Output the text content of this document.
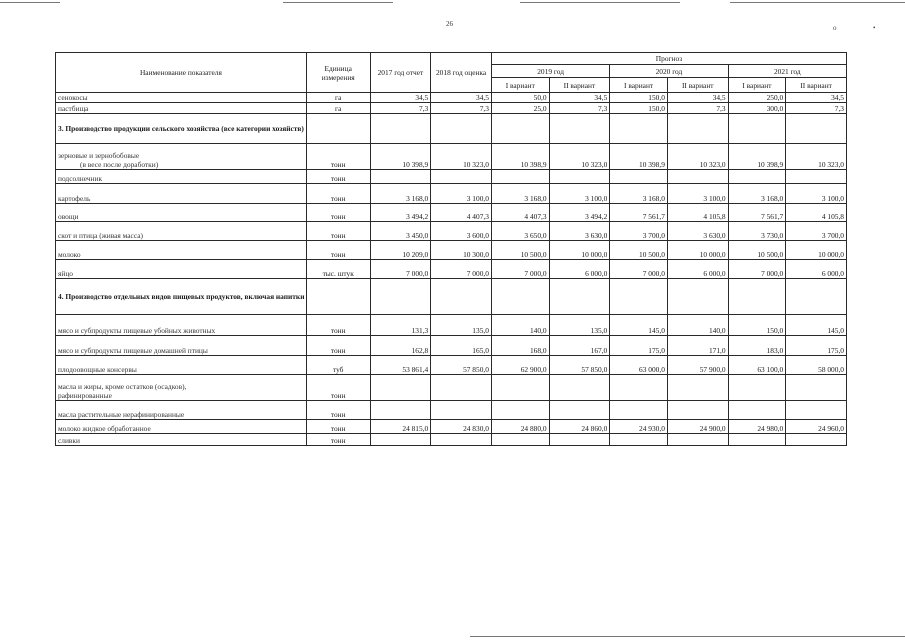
26	o	•
Наименование показателя	Единица измерения	2017 год отчет	2018 год оценка	Прогноз					
				2019 год		2020 год		2021 год	
				I вариант	II вариант	I вариант	II вариант	I вариант	II вариант

сенокосы	га	34,5	34,5	50,0	34,5	150,0	34,5	250,0	34,5

пастбища	га	7,3	7,3	25,0	7,3	150,0	7,3	300,0	7,3
3. Производство продукции сельского хозяйства (все категории хозяйств)									

зерновые и зернобобовые
(в весе после доработки)	тонн	10 398,9	10 323,0	10 398,9	10 323,0	10 398,9	10 323,0	10 398,9	10 323,0

подсолнечник	тонн								

картофель	тонн	3 168,0	3 100,0	3 168,0	3 100,0	3 168,0	3 100,0	3 168,0	3 100,0

овощи	тонн	3 494,2	4 407,3	4 407,3	3 494,2	7 561,7	4 105,8	7 561,7	4 105,8

скот и птица (живая масса)	тонн	3 450,0	3 600,0	3 650,0	3 630,0	3 700,0	3 630,0	3 730,0	3 700,0

молоко	тонн	10 209,0	10 300,0	10 500,0	10 000,0	10 500,0	10 000,0	10 500,0	10 000,0

яйцо	тыс. штук	7 000,0	7 000,0	7 000,0	6 000,0	7 000,0	6 000,0	7 000,0	6 000,0
4. Производство отдельных видов пищевых продуктов, включая напитки									

мясо и субпродукты пищевые убойных животных	тонн	131,3	135,0	140,0	135,0	145,0	140,0	150,0	145,0

мясо и субпродукты пищевые домашней птицы	тонн	162,8	165,0	168,0	167,0	175,0	171,0	183,0	175,0

плодоовощные консервы	туб	53 861,4	57 850,0	62 900,0	57 850,0	63 000,0	57 900,0	63 100,0	58 000,0

масла и жиры, кроме остатков (осадков),
рафинированные	тонн								

масла растительные нерафинированные	тонн								

молоко жидкое обработанное	тонн	24 815,0	24 830,0	24 880,0	24 860,0	24 930,0	24 900,0	24 980,0	24 960,0

сливки	тонн								
